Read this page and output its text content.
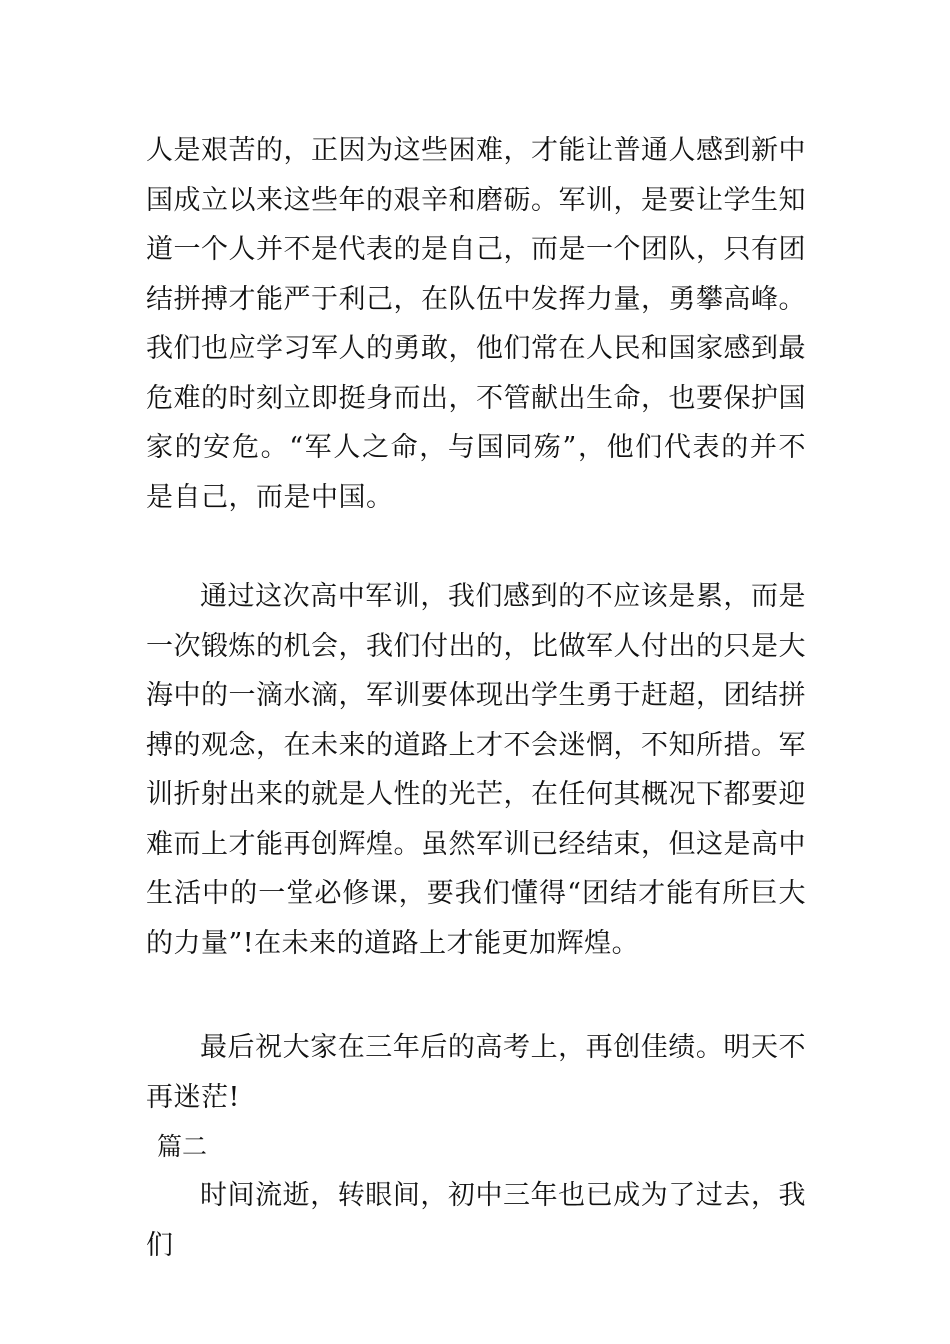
人是艰苦的，正因为这些困难，才能让普通人感到新中国成立以来这些年的艰辛和磨砺。军训，是要让学生知道一个人并不是代表的是自己，而是一个团队，只有团结拼搏才能严于利己，在队伍中发挥力量，勇攀高峰。我们也应学习军人的勇敢，他们常在人民和国家感到最危难的时刻立即挺身而出，不管献出生命，也要保护国家的安危。“军人之命，与国同殇”，他们代表的并不是自己，而是中国。

通过这次高中军训，我们感到的不应该是累，而是一次锻炼的机会，我们付出的，比做军人付出的只是大海中的一滴水滴，军训要体现出学生勇于赶超，团结拼搏的观念，在未来的道路上才不会迷惘，不知所措。军训折射出来的就是人性的光芒，在任何其概况下都要迎难而上才能再创辉煌。虽然军训已经结束，但这是高中生活中的一堂必修课，要我们懂得“团结才能有所巨大的力量”!在未来的道路上才能更加辉煌。

最后祝大家在三年后的高考上，再创佳绩。明天不再迷茫!

篇二

时间流逝，转眼间，初中三年也已成为了过去，我们
